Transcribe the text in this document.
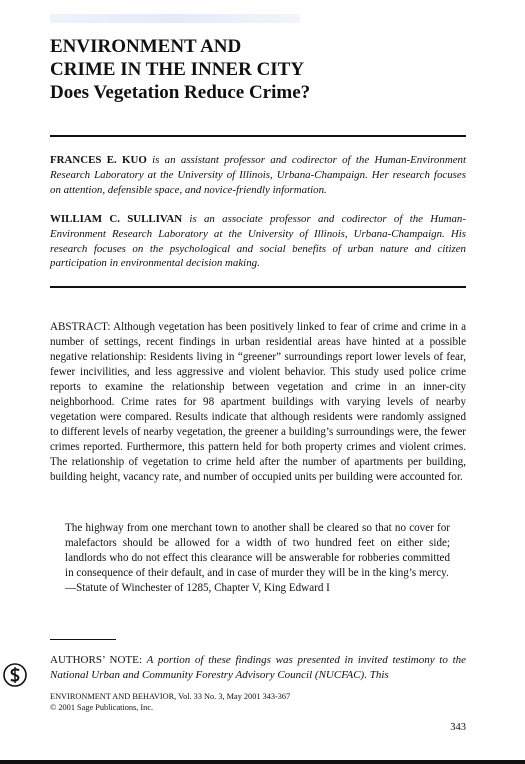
ENVIRONMENT AND
CRIME IN THE INNER CITY
Does Vegetation Reduce Crime?
FRANCES E. KUO is an assistant professor and codirector of the Human-Environment Research Laboratory at the University of Illinois, Urbana-Champaign. Her research focuses on attention, defensible space, and novice-friendly information.
WILLIAM C. SULLIVAN is an associate professor and codirector of the Human-Environment Research Laboratory at the University of Illinois, Urbana-Champaign. His research focuses on the psychological and social benefits of urban nature and citizen participation in environmental decision making.
ABSTRACT: Although vegetation has been positively linked to fear of crime and crime in a number of settings, recent findings in urban residential areas have hinted at a possible negative relationship: Residents living in “greener” surroundings report lower levels of fear, fewer incivilities, and less aggressive and violent behavior. This study used police crime reports to examine the relationship between vegetation and crime in an inner-city neighborhood. Crime rates for 98 apartment buildings with varying levels of nearby vegetation were compared. Results indicate that although residents were randomly assigned to different levels of nearby vegetation, the greener a building’s surroundings were, the fewer crimes reported. Furthermore, this pattern held for both property crimes and violent crimes. The relationship of vegetation to crime held after the number of apartments per building, building height, vacancy rate, and number of occupied units per building were accounted for.
The highway from one merchant town to another shall be cleared so that no cover for malefactors should be allowed for a width of two hundred feet on either side; landlords who do not effect this clearance will be answerable for robberies committed in consequence of their default, and in case of murder they will be in the king’s mercy.
—Statute of Winchester of 1285, Chapter V, King Edward I
AUTHORS’ NOTE: A portion of these findings was presented in invited testimony to the National Urban and Community Forestry Advisory Council (NUCFAC). This
ENVIRONMENT AND BEHAVIOR, Vol. 33 No. 3, May 2001 343-367
© 2001 Sage Publications, Inc.
343
